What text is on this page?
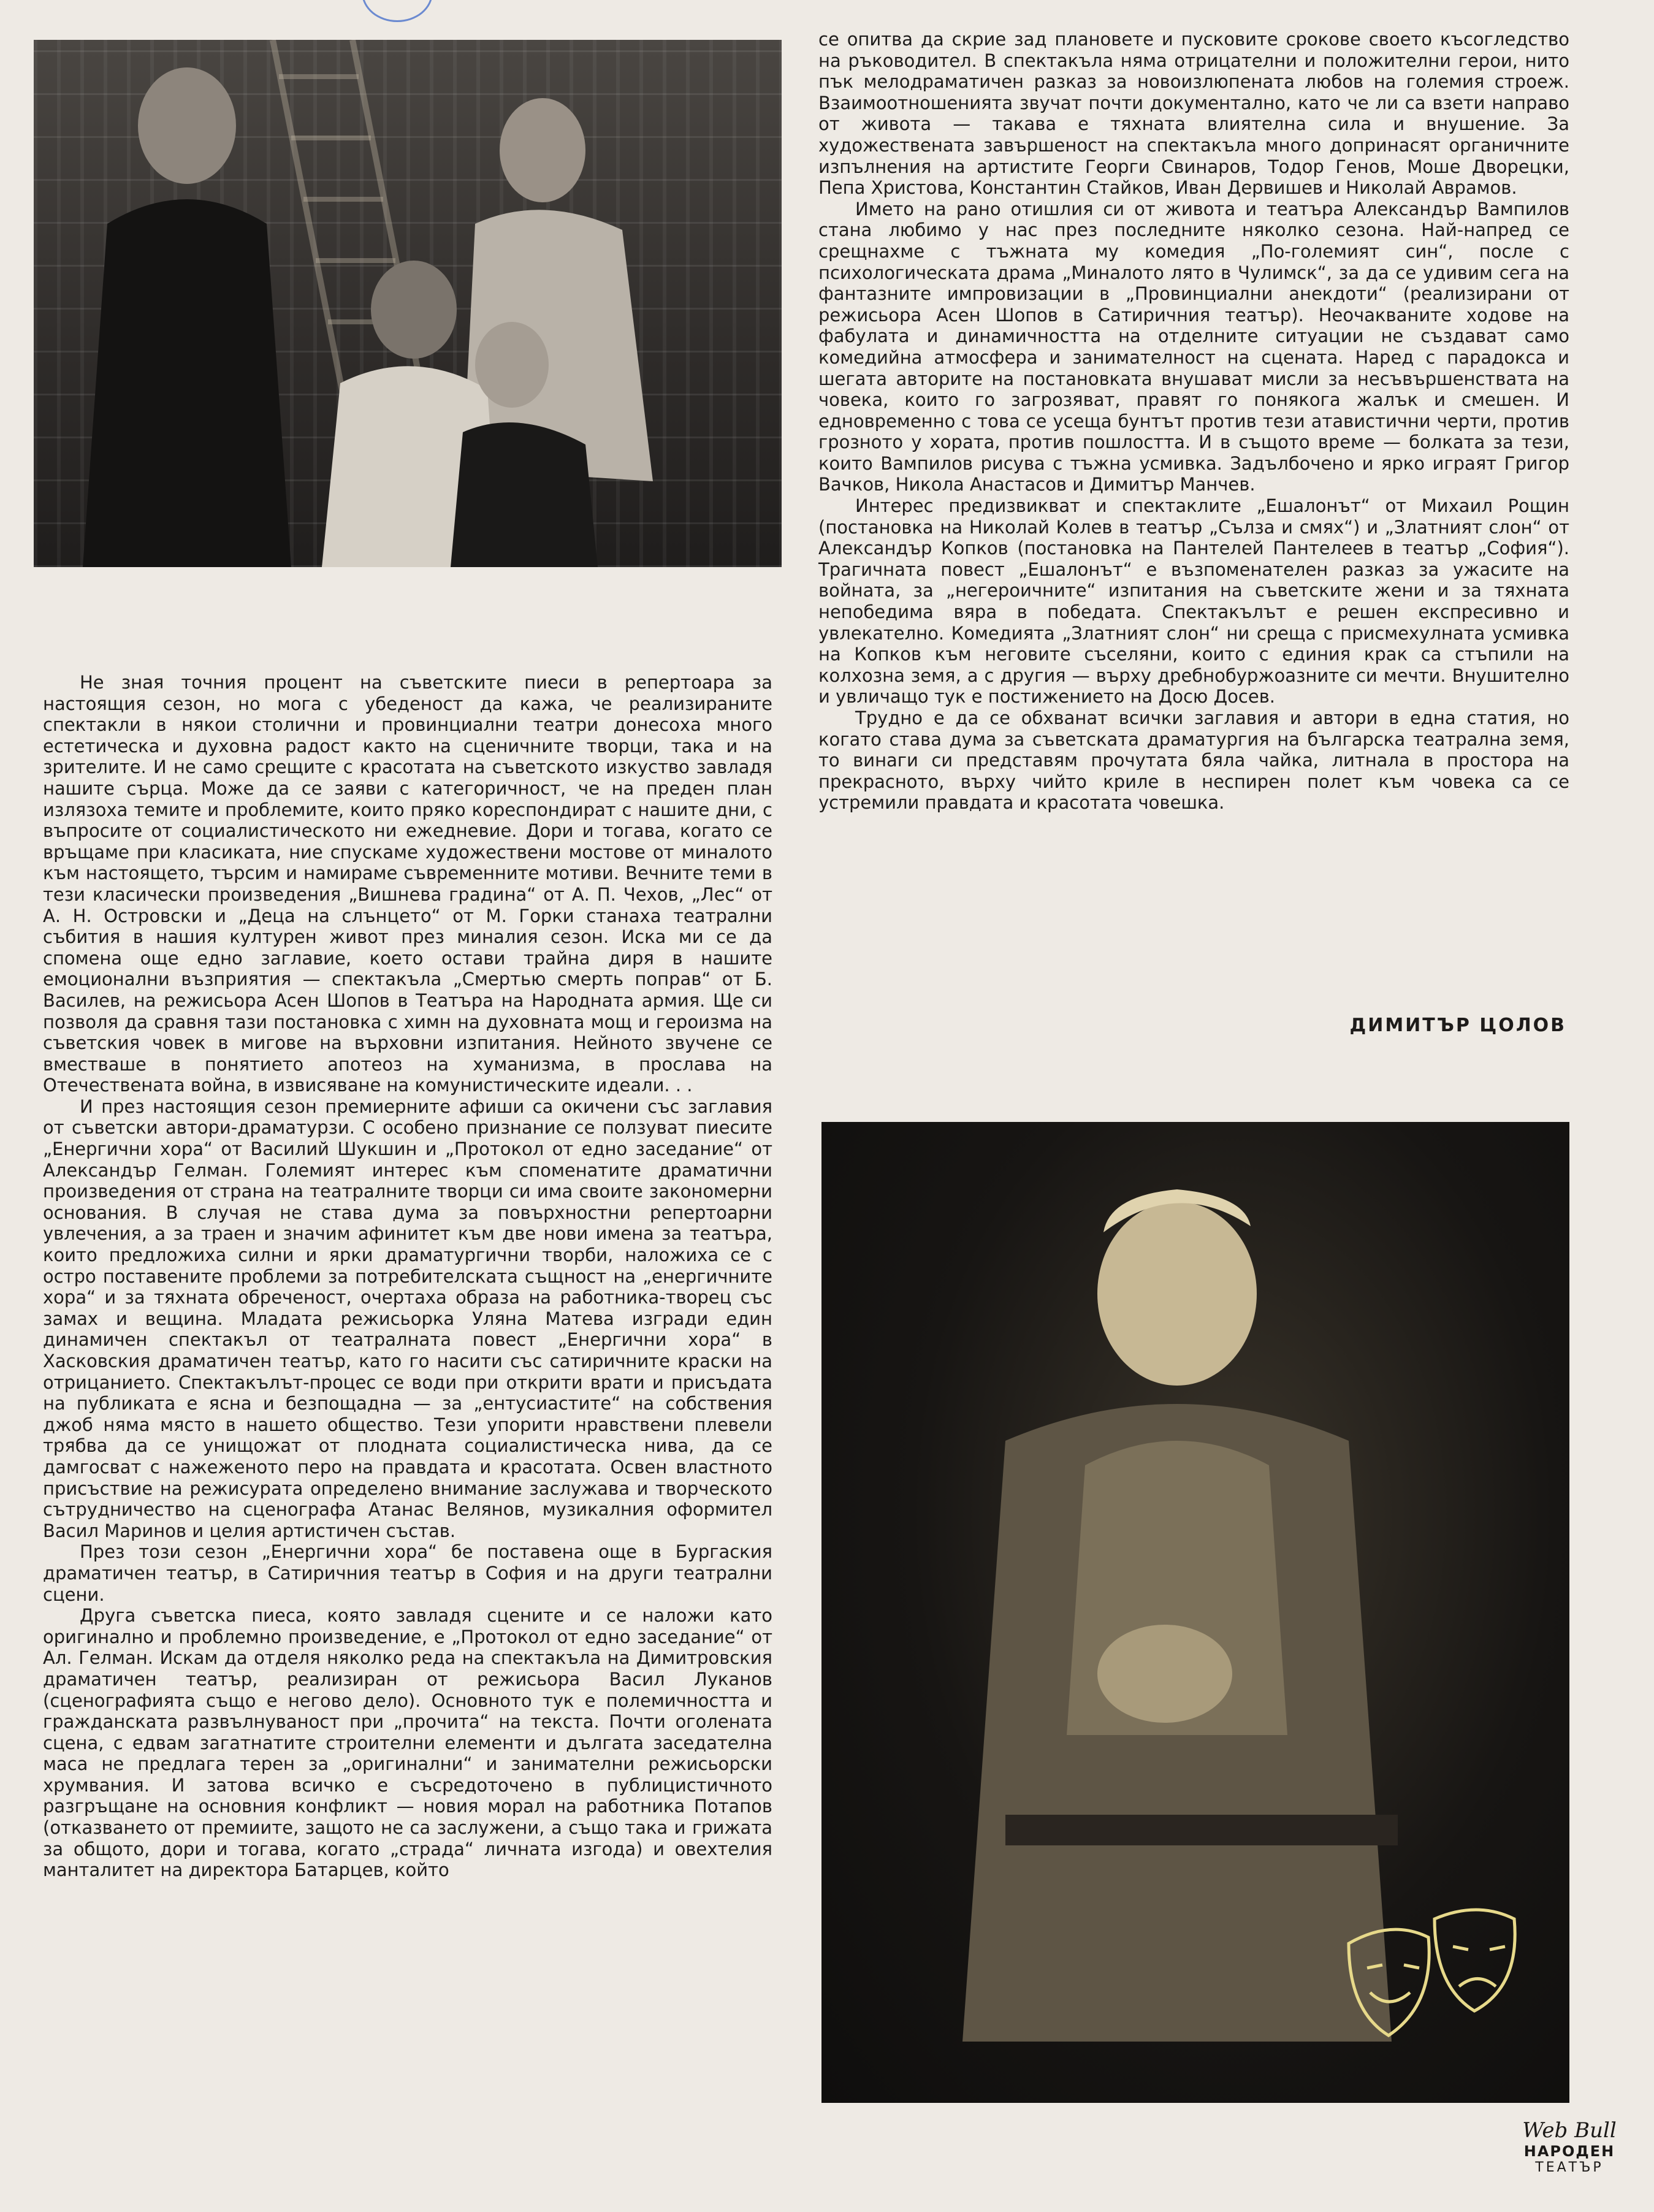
се опитва да скрие зад плановете и пусковите срокове своето късогледство на ръководител. В спектакъла няма отрицателни и положителни герои, нито пък мелодраматичен разказ за новоизлюпената любов на големия строеж. Взаимоотношенията звучат почти документално, като че ли са взети направо от живота — такава е тяхната влиятелна сила и внушение. За художествената завършеност на спектакъла много допринасят органичните изпълнения на артистите Георги Свинаров, Тодор Генов, Моше Дворецки, Пепа Христова, Константин Стайков, Иван Дервишев и Николай Аврамов.

Името на рано отишлия си от живота и театъра Александър Вампилов стана любимо у нас през последните няколко сезона. Най-напред се срещнахме с тъжната му комедия „По-големият син“, после с психологическата драма „Миналото лято в Чулимск“, за да се удивим сега на фантазните импровизации в „Провинциални анекдоти“ (реализирани от режисьора Асен Шопов в Сатиричния театър). Неочакваните ходове на фабулата и динамичността на отделните ситуации не създават само комедийна атмосфера и занимателност на сцената. Наред с парадокса и шегата авторите на постановката внушават мисли за несъвършенствата на човека, които го загрозяват, правят го понякога жалък и смешен. И едновременно с това се усеща бунтът против тези атавистични черти, против грозното у хората, против пошлостта. И в същото време — болката за тези, които Вампилов рисува с тъжна усмивка. Задълбочено и ярко играят Григор Вачков, Никола Анастасов и Димитър Манчев.

Интерес предизвикват и спектаклите „Ешалонът“ от Михаил Рощин (постановка на Николай Колев в театър „Сълза и смях“) и „Златният слон“ от Александър Копков (постановка на Пантелей Пантелеев в театър „София“). Трагичната повест „Ешалонът“ е възпоменателен разказ за ужасите на войната, за „негероичните“ изпитания на съветските жени и за тяхната непобедима вяра в победата. Спектакълът е решен експресивно и увлекателно. Комедията „Златният слон“ ни среща с присмехулната усмивка на Копков към неговите съселяни, които с единия крак са стъпили на колхозна земя, а с другия — върху дребнобуржоазните си мечти. Внушително и увличащо тук е постижението на Досю Досев.

Трудно е да се обхванат всички заглавия и автори в една статия, но когато става дума за съветската драматургия на българска театрална земя, то винаги си представям прочутата бяла чайка, литнала в простора на прекрасното, върху чийто криле в неспирен полет към човека са се устремили правдата и красотата човешка.

ДИМИТЪР ЦОЛОВ

Не зная точния процент на съветските пиеси в репертоара за настоящия сезон, но мога с убеденост да кажа, че реализираните спектакли в някои столични и провинциални театри донесоха много естетическа и духовна радост както на сценичните творци, така и на зрителите. И не само срещите с красотата на съветското изкуство завладя нашите сърца. Може да се заяви с категоричност, че на преден план излязоха темите и проблемите, които пряко кореспондират с нашите дни, с въпросите от социалистическото ни ежедневие. Дори и тогава, когато се връщаме при класиката, ние спускаме художествени мостове от миналото към настоящето, търсим и намираме съвременните мотиви. Вечните теми в тези класически произведения „Вишнева градина“ от А. П. Чехов, „Лес“ от А. Н. Островски и „Деца на слънцето“ от М. Горки станаха театрални събития в нашия културен живот през миналия сезон. Иска ми се да спомена още едно заглавие, което остави трайна диря в нашите емоционални възприятия — спектакъла „Смертью смерть поправ“ от Б. Василев, на режисьора Асен Шопов в Театъра на Народната армия. Ще си позволя да сравня тази постановка с химн на духовната мощ и героизма на съветския човек в мигове на върховни изпитания. Нейното звучене се вместваше в понятието апотеоз на хуманизма, в прослава на Отечествената война, в извисяване на комунистическите идеали. . .

И през настоящия сезон премиерните афиши са окичени със заглавия от съветски автори-драматурзи. С особено признание се ползуват пиесите „Енергични хора“ от Василий Шукшин и „Протокол от едно заседание“ от Александър Гелман. Големият интерес към споменатите драматични произведения от страна на театралните творци си има своите закономерни основания. В случая не става дума за повърхностни репертоарни увлечения, а за траен и значим афинитет към две нови имена за театъра, които предложиха силни и ярки драматургични творби, наложиха се с остро поставените проблеми за потребителската същност на „енергичните хора“ и за тяхната обреченост, очертаха образа на работника-творец със замах и вещина. Младата режисьорка Уляна Матева изгради един динамичен спектакъл от театралната повест „Енергични хора“ в Хасковския драматичен театър, като го насити със сатиричните краски на отрицанието. Спектакълът-процес се води при открити врати и присъдата на публиката е ясна и безпощадна — за „ентусиастите“ на собствения джоб няма място в нашето общество. Тези упорити нравствени плевели трябва да се унищожат от плодната социалистическа нива, да се дамгосват с нажеженото перо на правдата и красотата. Освен властното присъствие на режисурата определено внимание заслужава и творческото сътрудничество на сценографа Атанас Велянов, музикалния оформител Васил Маринов и целия артистичен състав.

През този сезон „Енергични хора“ бе поставена още в Бургаския драматичен театър, в Сатиричния театър в София и на други театрални сцени.

Друга съветска пиеса, която завладя сцените и се наложи като оригинално и проблемно произведение, е „Протокол от едно заседание“ от Ал. Гелман. Искам да отделя няколко реда на спектакъла на Димитровския драматичен театър, реализиран от режисьора Васил Луканов (сценографията също е негово дело). Основното тук е полемичността и гражданската развълнуваност при „прочита“ на текста. Почти оголената сцена, с едвам загатнатите строителни елементи и дългата заседателна маса не предлага терен за „оригинални“ и занимателни режисьорски хрумвания. И затова всичко е съсредоточено в публицистичното разгръщане на основния конфликт — новия морал на работника Потапов (отказването от премиите, защото не са заслужени, а също така и грижата за общото, дори и тогава, когато „страда“ личната изгода) и овехтелия манталитет на директора Батарцев, който

Web Bull
НАРОДЕН
ТЕАТЪР
